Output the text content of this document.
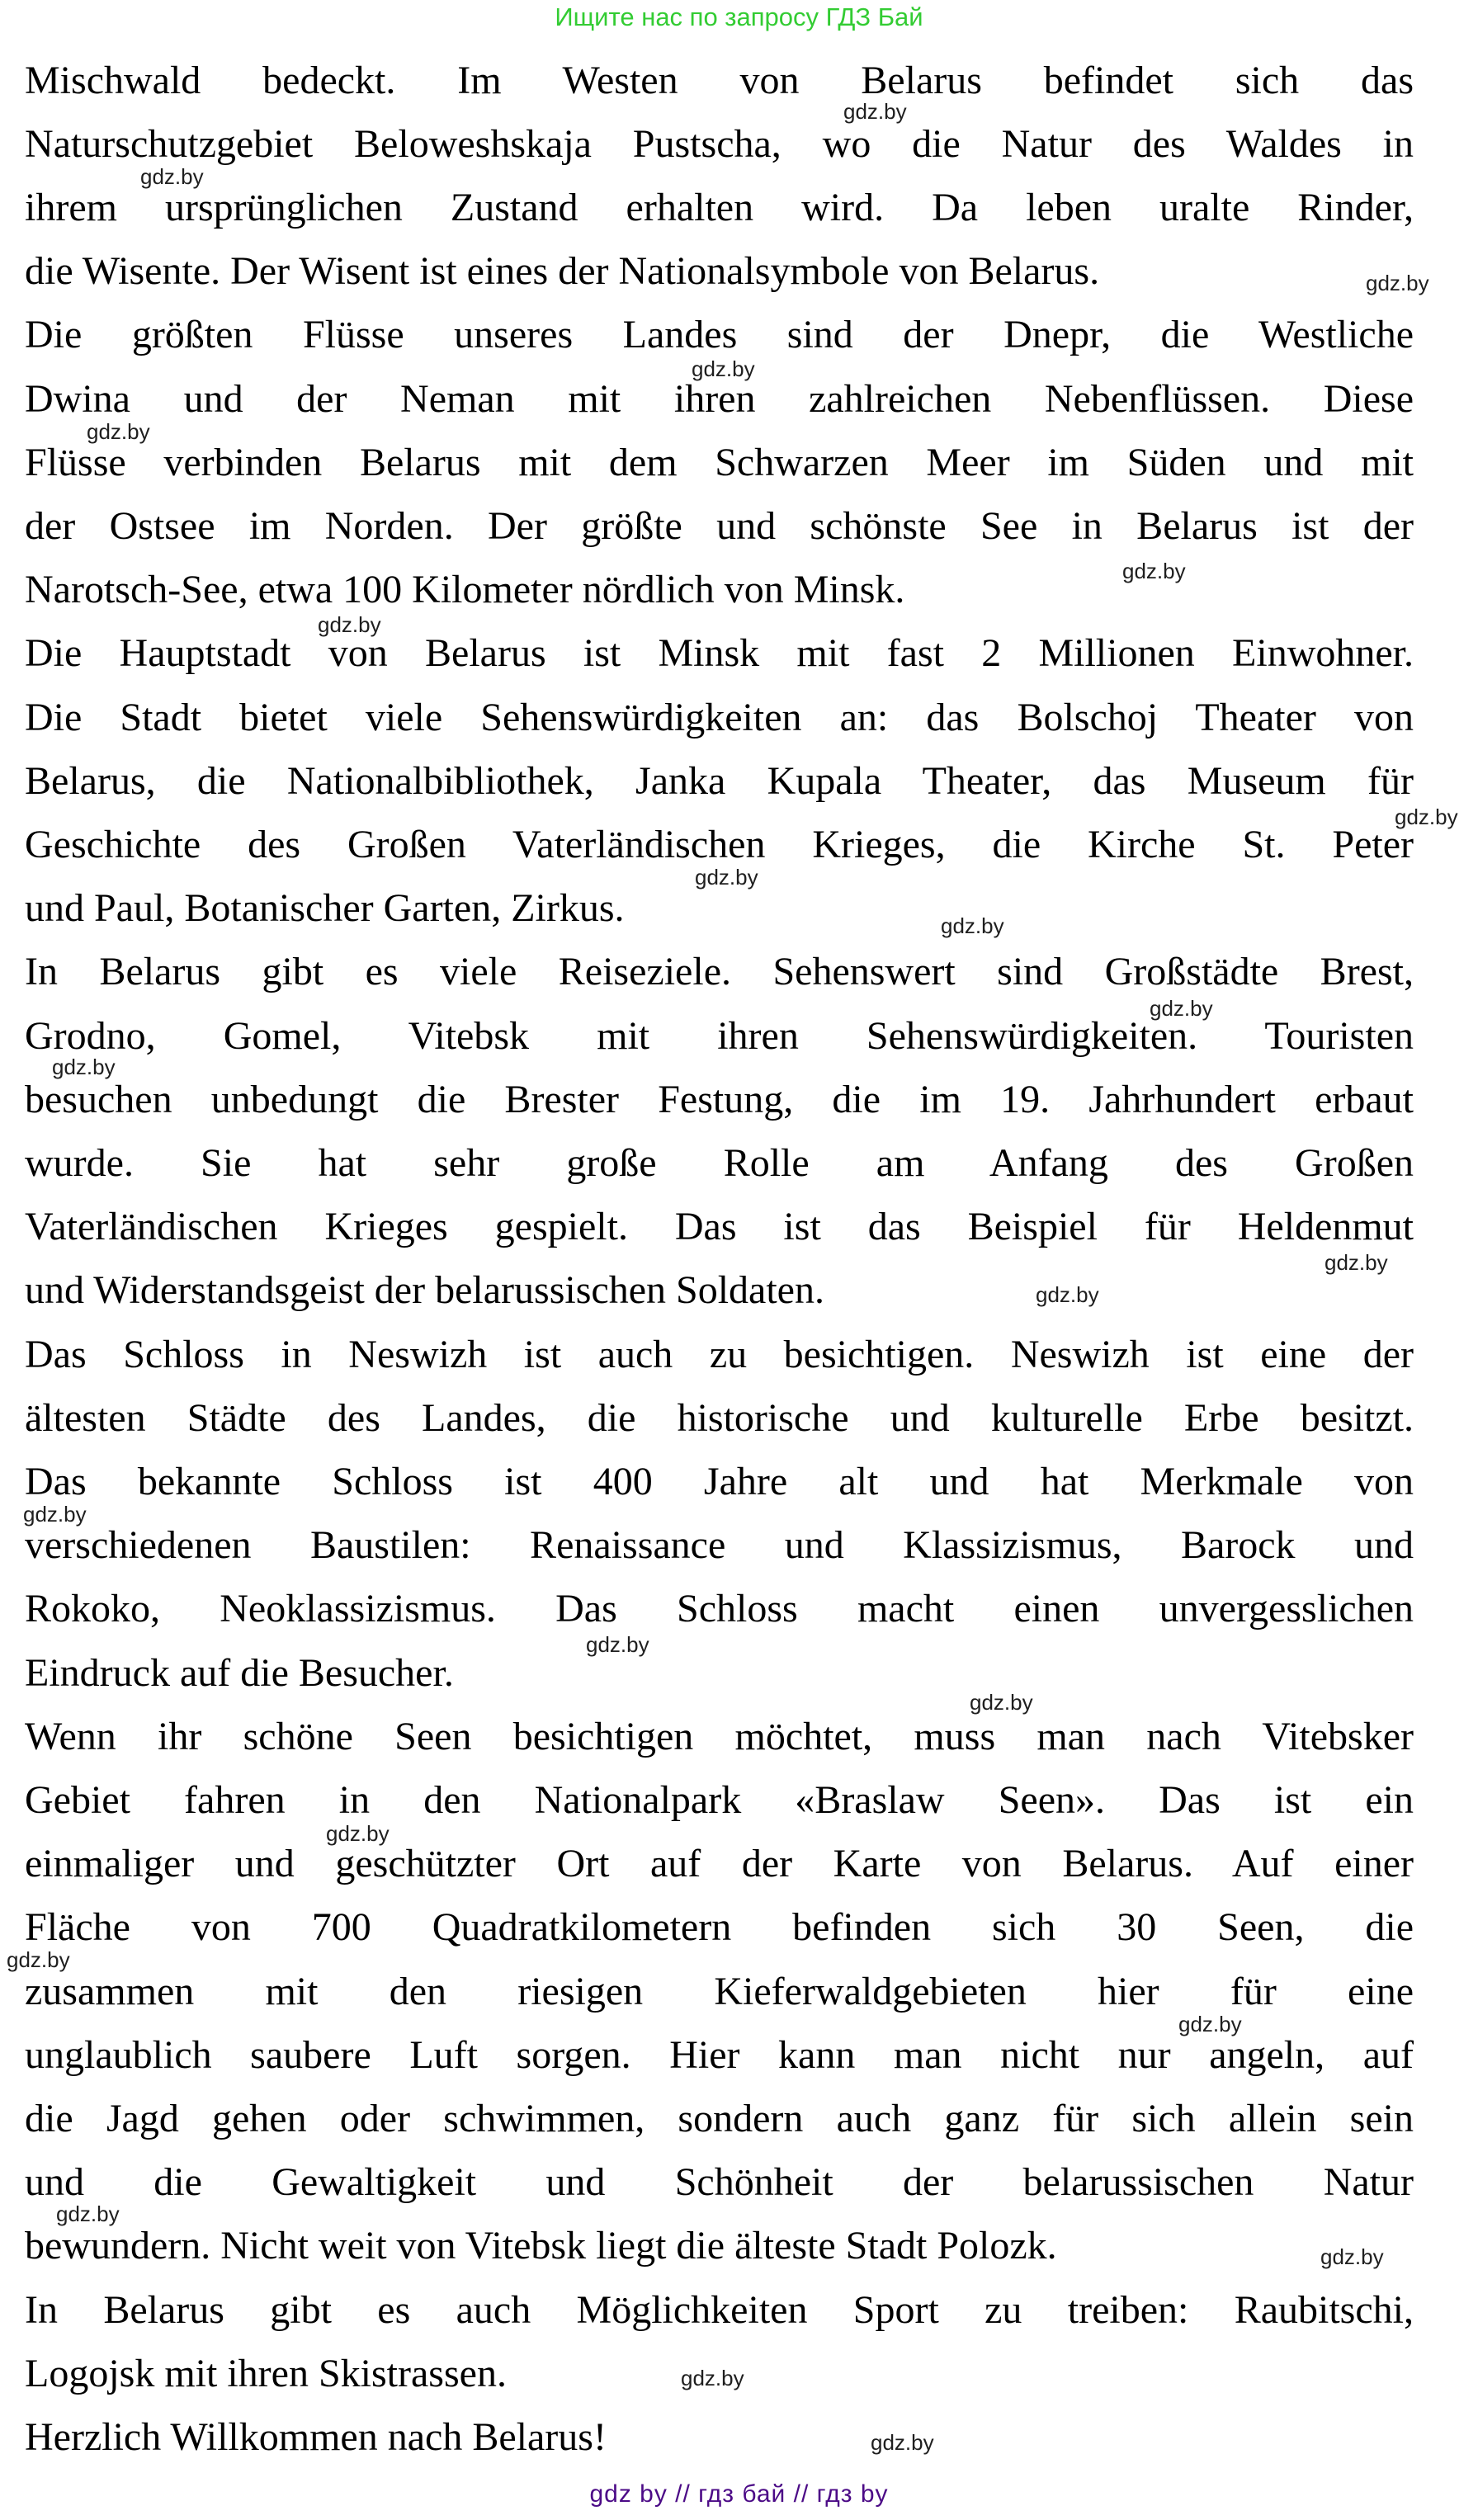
Ищите нас по запросу ГДЗ Бай
Mischwald bedeckt. Im Westen von Belarus befindet sich das
Naturschutzgebiet Beloweshskaja Pustscha, wo die Natur des Waldes in
ihrem ursprünglichen Zustand erhalten wird. Da leben uralte Rinder,
die Wisente. Der Wisent ist eines der Nationalsymbole von Belarus.
Die größten Flüsse unseres Landes sind der Dnepr, die Westliche
Dwina und der Neman mit ihren zahlreichen Nebenflüssen. Diese
Flüsse verbinden Belarus mit dem Schwarzen Meer im Süden und mit
der Ostsee im Norden. Der größte und schönste See in Belarus ist der
Narotsch-See, etwa 100 Kilometer nördlich von Minsk.
Die Hauptstadt von Belarus ist Minsk mit fast 2 Millionen Einwohner.
Die Stadt bietet viele Sehenswürdigkeiten an: das Bolschoj Theater von
Belarus, die Nationalbibliothek, Janka Kupala Theater, das Museum für
Geschichte des Großen Vaterländischen Krieges, die Kirche St. Peter
und Paul, Botanischer Garten, Zirkus.
In Belarus gibt es viele Reiseziele. Sehenswert sind Großstädte Brest,
Grodno, Gomel, Vitebsk mit ihren Sehenswürdigkeiten. Touristen
besuchen unbedungt die Brester Festung, die im 19. Jahrhundert erbaut
wurde. Sie hat sehr große Rolle am Anfang des Großen
Vaterländischen Krieges gespielt. Das ist das Beispiel für Heldenmut
und Widerstandsgeist der belarussischen Soldaten.
Das Schloss in Neswizh ist auch zu besichtigen. Neswizh ist eine der
ältesten Städte des Landes, die historische und kulturelle Erbe besitzt.
Das bekannte Schloss ist 400 Jahre alt und hat Merkmale von
verschiedenen Baustilen: Renaissance und Klassizismus, Barock und
Rokoko, Neoklassizismus. Das Schloss macht einen unvergesslichen
Eindruck auf die Besucher.
Wenn ihr schöne Seen besichtigen möchtet, muss man nach Vitebsker
Gebiet fahren in den Nationalpark «Braslaw Seen». Das ist ein
einmaliger und geschützter Ort auf der Karte von Belarus. Auf einer
Fläche von 700 Quadratkilometern befinden sich 30 Seen, die
zusammen mit den riesigen Kieferwaldgebieten hier für eine
unglaublich saubere Luft sorgen. Hier kann man nicht nur angeln, auf
die Jagd gehen oder schwimmen, sondern auch ganz für sich allein sein
und die Gewaltigkeit und Schönheit der belarussischen Natur
bewundern. Nicht weit von Vitebsk liegt die älteste Stadt Polozk.
In Belarus gibt es auch Möglichkeiten Sport zu treiben: Raubitschi,
Logojsk mit ihren Skistrassen.
Herzlich Willkommen nach Belarus!
gdz.by
gdz.by
gdz.by
gdz.by
gdz.by
gdz.by
gdz.by
gdz.by
gdz.by
gdz.by
gdz.by
gdz.by
gdz.by
gdz.by
gdz.by
gdz.by
gdz.by
gdz.by
gdz.by
gdz.by
gdz.by
gdz.by
gdz.by
gdz.by
gdz by // гдз бай // гдз by
